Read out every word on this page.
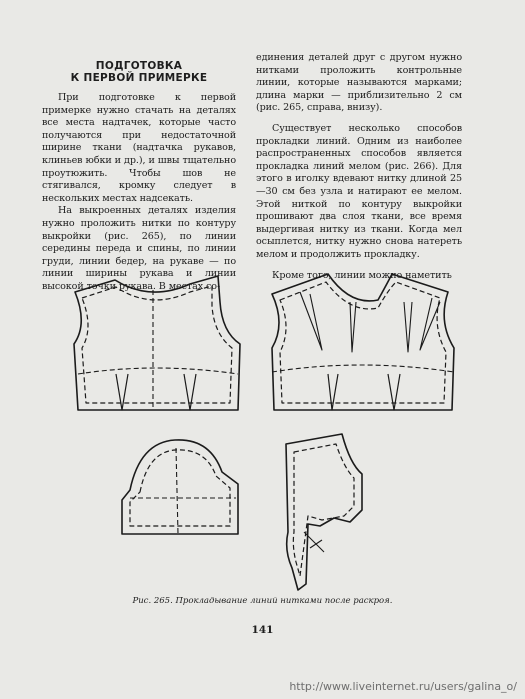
ПОДГОТОВКА
К ПЕРВОЙ ПРИМЕРКЕ

При подготовке к первой примерке нужно стачать на деталях все места надтачек, которые часто получаются при недостаточной ширине ткани (надтачка рукавов, клиньев юбки и др.), и швы тщательно проутюжить. Чтобы шов не стягивался, кромку следует в нескольких местах надсекать.

На выкроенных деталях изделия нужно проложить нитки по контуру выкройки (рис. 265), по линии середины переда и спины, по линии груди, линии бедер, на рукаве — по линии ширины рукава и линии высокой точки рукава. В местах со-

единения деталей друг с другом нужно нитками проложить контрольные линии, которые называются марками; длина марки — приблизительно 2 см (рис. 265, справа, внизу).

Существует несколько способов прокладки линий. Одним из наиболее распространенных способов является прокладка линий мелом (рис. 266). Для этого в иголку вдевают нитку длиной 25—30 см без узла и натирают ее мелом. Этой ниткой по контуру выкройки прошивают два слоя ткани, все время выдергивая нитку из ткани. Когда мел осыплется, нитку нужно снова натереть мелом и продолжить прокладку.

Кроме того, линии можно наметить

Рис. 265. Прокладывание линий нитками после раскроя.
141
http://www.liveinternet.ru/users/galina_o/
